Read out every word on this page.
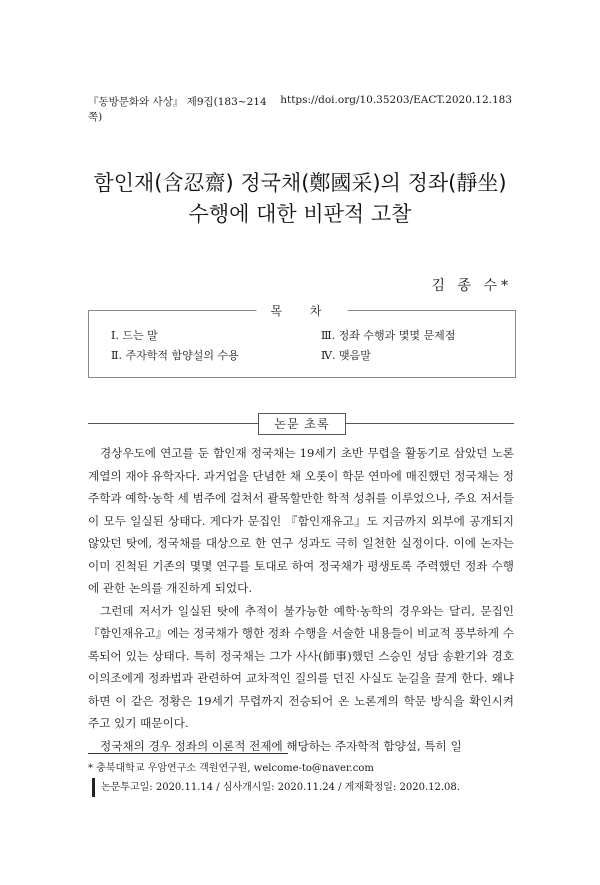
『동방문화와 사상』 제9집(183~214쪽)
https://doi.org/10.35203/EACT.2020.12.183
함인재(含忍齋) 정국채(鄭國采)의 정좌(靜坐)
수행에 대한 비판적 고찰
김 종 수*
목 차
Ⅰ. 드는 말	Ⅲ. 정좌 수행과 몇몇 문제점
Ⅱ. 주자학적 함양설의 수용	Ⅳ. 맺음말
논문 초록

경상우도에 연고를 둔 함인재 정국채는 19세기 초반 무렵을 활동기로 삼았던 노론 계열의 재야 유학자다. 과거업을 단념한 채 오롯이 학문 연마에 매진했던 정국채는 정주학과 예학·농학 세 범주에 걸쳐서 괄목할만한 학적 성취를 이루었으나, 주요 저서들이 모두 일실된 상태다. 게다가 문집인 『함인재유고』도 지금까지 외부에 공개되지 않았던 탓에, 정국채를 대상으로 한 연구 성과도 극히 일천한 실정이다. 이에 논자는 이미 진척된 기존의 몇몇 연구를 토대로 하여 정국채가 평생토록 주력했던 정좌 수행에 관한 논의를 개진하게 되었다.

그런데 저서가 일실된 탓에 추적이 불가능한 예학·농학의 경우와는 달리, 문집인 『함인재유고』에는 정국채가 행한 정좌 수행을 서술한 내용들이 비교적 풍부하게 수록되어 있는 상태다. 특히 정국채는 그가 사사(師事)했던 스승인 성담 송환기와 경호 이의조에게 정좌법과 관련하여 교차적인 질의를 던진 사실도 눈길을 끌게 한다. 왜냐하면 이 같은 정황은 19세기 무렵까지 전승되어 온 노론계의 학문 방식을 확인시켜 주고 있기 때문이다.

정국채의 경우 정좌의 이론적 전제에 해당하는 주자학적 함양설, 특히 일

* 충북대학교 우암연구소 객원연구원, welcome-to@naver.com
논문투고일: 2020.11.14 / 심사개시일: 2020.11.24 / 게재확정일: 2020.12.08.
